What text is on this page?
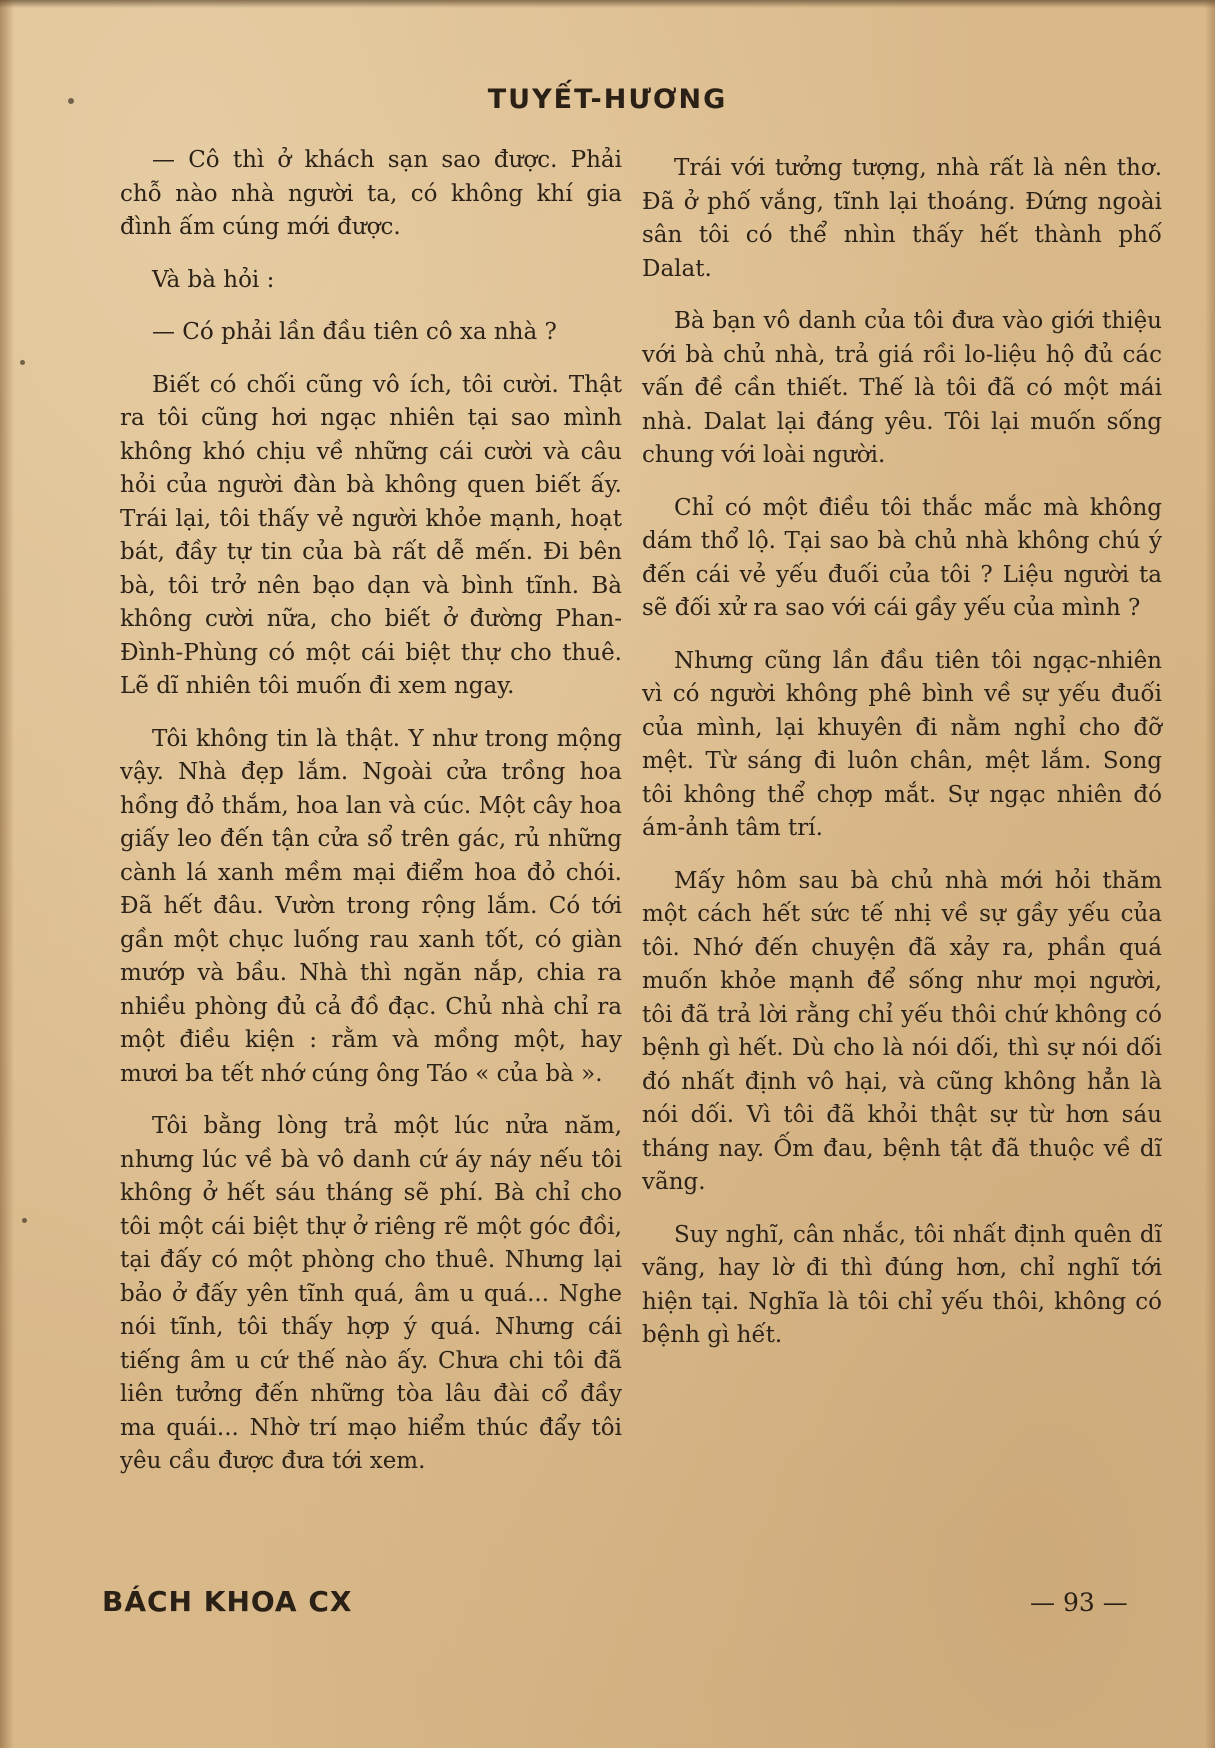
TUYẾT-HƯƠNG

— Cô thì ở khách sạn sao được. Phải chỗ nào nhà người ta, có không khí gia đình ấm cúng mới được.

Và bà hỏi :

— Có phải lần đầu tiên cô xa nhà ?

Biết có chối cũng vô ích, tôi cười. Thật ra tôi cũng hơi ngạc nhiên tại sao mình không khó chịu về những cái cười và câu hỏi của người đàn bà không quen biết ấy. Trái lại, tôi thấy vẻ người khỏe mạnh, hoạt bát, đầy tự tin của bà rất dễ mến. Đi bên bà, tôi trở nên bạo dạn và bình tĩnh. Bà không cười nữa, cho biết ở đường Phan-Đình-Phùng có một cái biệt thự cho thuê. Lẽ dĩ nhiên tôi muốn đi xem ngay.

Tôi không tin là thật. Y như trong mộng vậy. Nhà đẹp lắm. Ngoài cửa trồng hoa hồng đỏ thắm, hoa lan và cúc. Một cây hoa giấy leo đến tận cửa sổ trên gác, rủ những cành lá xanh mềm mại điểm hoa đỏ chói. Đã hết đâu. Vườn trong rộng lắm. Có tới gần một chục luống rau xanh tốt, có giàn mướp và bầu. Nhà thì ngăn nắp, chia ra nhiều phòng đủ cả đồ đạc. Chủ nhà chỉ ra một điều kiện : rằm và mồng một, hay mươi ba tết nhớ cúng ông Táo « của bà ».

Tôi bằng lòng trả một lúc nửa năm, nhưng lúc về bà vô danh cứ áy náy nếu tôi không ở hết sáu tháng sẽ phí. Bà chỉ cho tôi một cái biệt thự ở riêng rẽ một góc đồi, tại đấy có một phòng cho thuê. Nhưng lại bảo ở đấy yên tĩnh quá, âm u quá... Nghe nói tĩnh, tôi thấy hợp ý quá. Nhưng cái tiếng âm u cứ thế nào ấy. Chưa chi tôi đã liên tưởng đến những tòa lâu đài cổ đầy ma quái... Nhờ trí mạo hiểm thúc đẩy tôi yêu cầu được đưa tới xem.

Trái với tưởng tượng, nhà rất là nên thơ. Đã ở phố vắng, tĩnh lại thoáng. Đứng ngoài sân tôi có thể nhìn thấy hết thành phố Dalat.

Bà bạn vô danh của tôi đưa vào giới thiệu với bà chủ nhà, trả giá rồi lo-liệu hộ đủ các vấn đề cần thiết. Thế là tôi đã có một mái nhà. Dalat lại đáng yêu. Tôi lại muốn sống chung với loài người.

Chỉ có một điều tôi thắc mắc mà không dám thổ lộ. Tại sao bà chủ nhà không chú ý đến cái vẻ yếu đuối của tôi ? Liệu người ta sẽ đối xử ra sao với cái gầy yếu của mình ?

Nhưng cũng lần đầu tiên tôi ngạc-nhiên vì có người không phê bình về sự yếu đuối của mình, lại khuyên đi nằm nghỉ cho đỡ mệt. Từ sáng đi luôn chân, mệt lắm. Song tôi không thể chợp mắt. Sự ngạc nhiên đó ám-ảnh tâm trí.

Mấy hôm sau bà chủ nhà mới hỏi thăm một cách hết sức tế nhị về sự gầy yếu của tôi. Nhớ đến chuyện đã xảy ra, phần quá muốn khỏe mạnh để sống như mọi người, tôi đã trả lời rằng chỉ yếu thôi chứ không có bệnh gì hết. Dù cho là nói dối, thì sự nói dối đó nhất định vô hại, và cũng không hẳn là nói dối. Vì tôi đã khỏi thật sự từ hơn sáu tháng nay. Ốm đau, bệnh tật đã thuộc về dĩ vãng.

Suy nghĩ, cân nhắc, tôi nhất định quên dĩ vãng, hay lờ đi thì đúng hơn, chỉ nghĩ tới hiện tại. Nghĩa là tôi chỉ yếu thôi, không có bệnh gì hết.

BÁCH KHOA CX	— 93 —
